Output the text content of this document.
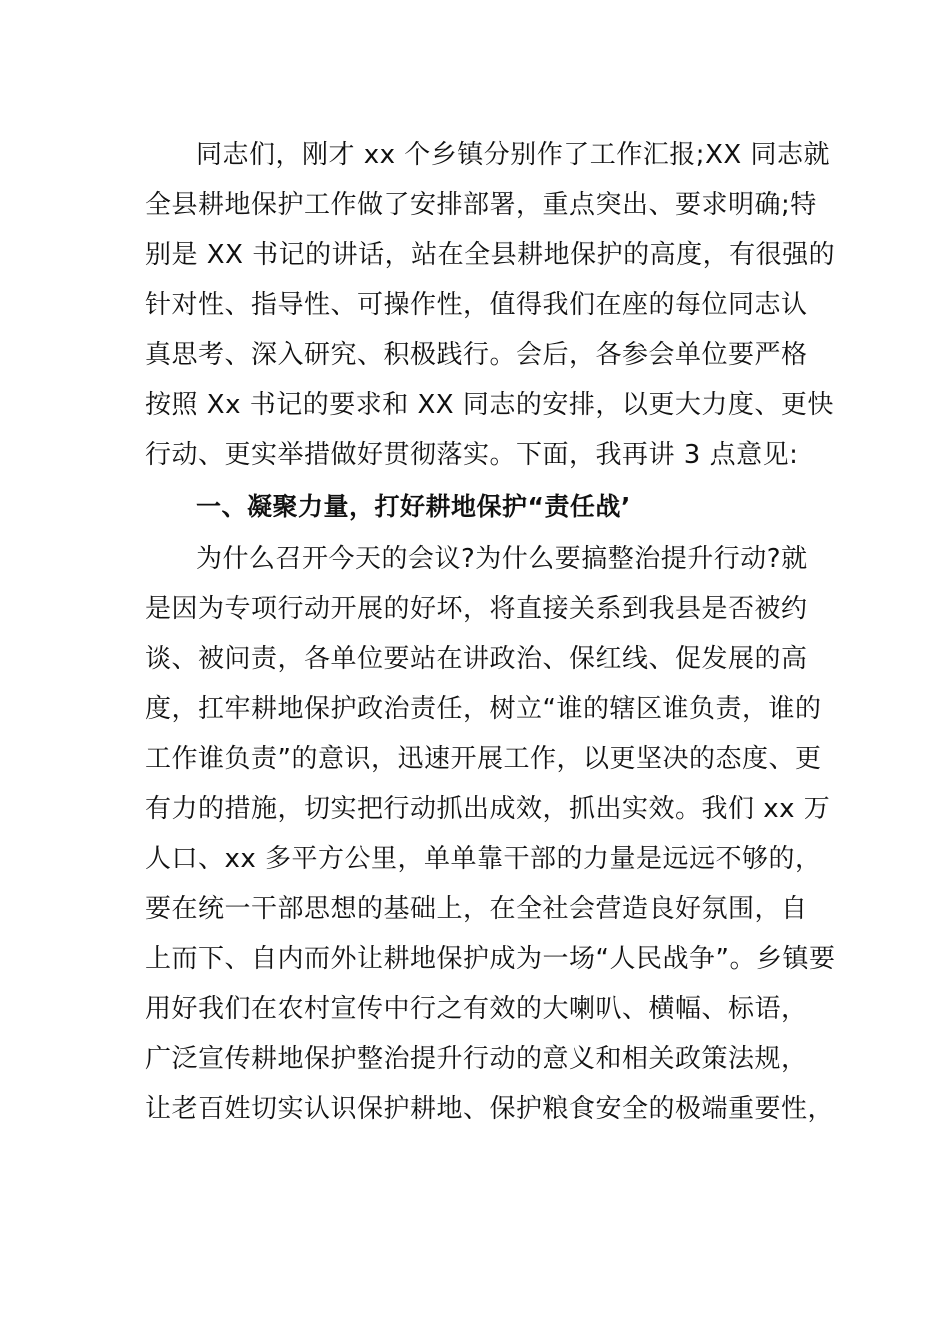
同志们，刚才 xx 个乡镇分别作了工作汇报;XX 同志就
全县耕地保护工作做了安排部署，重点突出、要求明确;特
别是 XX 书记的讲话，站在全县耕地保护的高度，有很强的
针对性、指导性、可操作性，值得我们在座的每位同志认
真思考、深入研究、积极践行。会后，各参会单位要严格
按照 Xx 书记的要求和 XX 同志的安排，以更大力度、更快
行动、更实举措做好贯彻落实。下面，我再讲 3 点意见:
一、凝聚力量，打好耕地保护“责任战’
为什么召开今天的会议?为什么要搞整治提升行动?就
是因为专项行动开展的好坏，将直接关系到我县是否被约
谈、被问责，各单位要站在讲政治、保红线、促发展的高
度，扛牢耕地保护政治责任，树立“谁的辖区谁负责，谁的
工作谁负责”的意识，迅速开展工作，以更坚决的态度、更
有力的措施，切实把行动抓出成效，抓出实效。我们 xx 万
人口、xx 多平方公里，单单靠干部的力量是远远不够的，
要在统一干部思想的基础上，在全社会营造良好氛围，自
上而下、自内而外让耕地保护成为一场“人民战争”。乡镇要
用好我们在农村宣传中行之有效的大喇叭、横幅、标语，
广泛宣传耕地保护整治提升行动的意义和相关政策法规，
让老百姓切实认识保护耕地、保护粮食安全的极端重要性，
